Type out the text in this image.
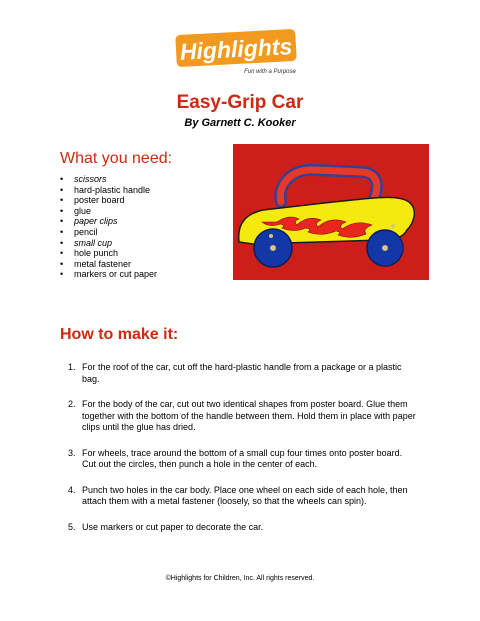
Highlights
Fun with a Purpose
Easy-Grip Car
By Garnett C. Kooker
What you need:
• scissors
• hard-plastic handle
• poster board
• glue
• paper clips
• pencil
• small cup
• hole punch
• metal fastener
• markers or cut paper
How to make it:
1. For the roof of the car, cut off the hard-plastic handle from a package or a plastic bag.
2. For the body of the car, cut out two identical shapes from poster board. Glue them together with the bottom of the handle between them. Hold them in place with paper clips until the glue has dried.
3. For wheels, trace around the bottom of a small cup four times onto poster board. Cut out the circles, then punch a hole in the center of each.
4. Punch two holes in the car body. Place one wheel on each side of each hole, then attach them with a metal fastener (loosely, so that the wheels can spin).
5. Use markers or cut paper to decorate the car.
©Highlights for Children, Inc. All rights reserved.
